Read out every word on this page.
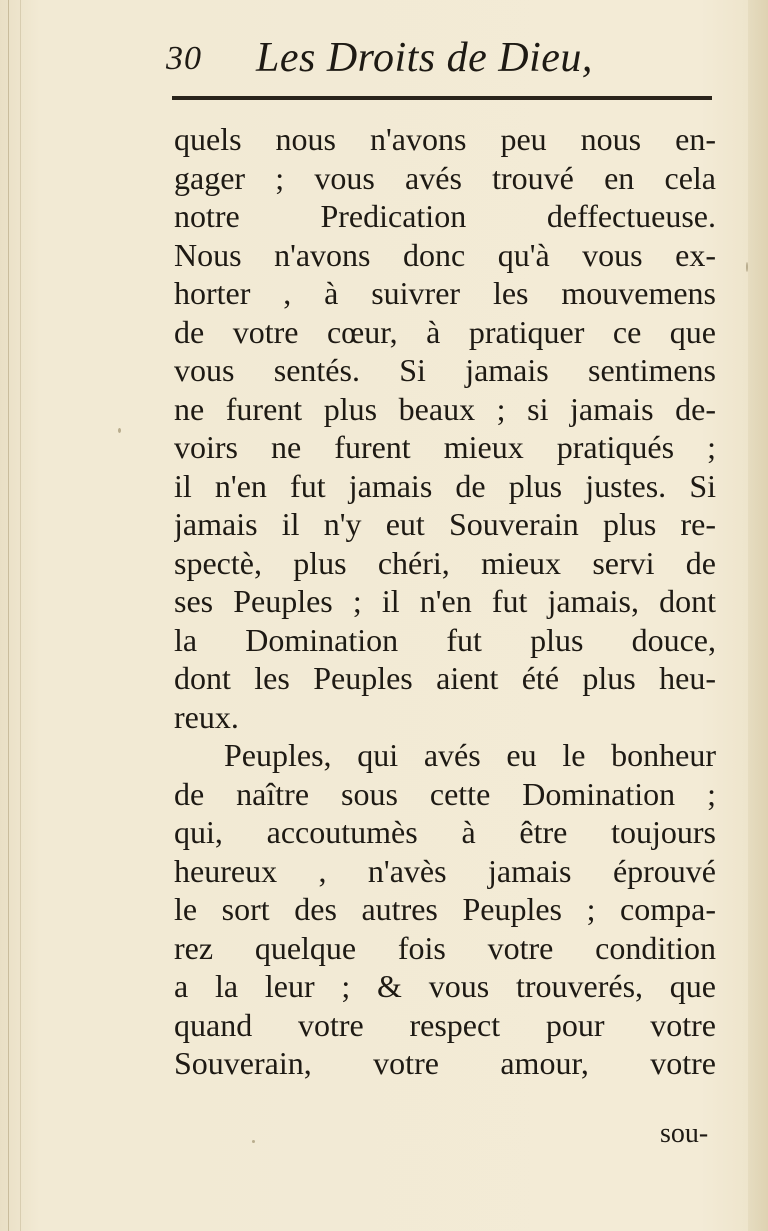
30 Les Droits de Dieu,
quels nous n'avons peu nous en-
gager ; vous avés trouvé en cela
notre Predication deffectueuse.
Nous n'avons donc qu'à vous ex-
horter , à suivrer les mouvemens
de votre cœur, à pratiquer ce que
vous sentés. Si jamais sentimens
ne furent plus beaux ; si jamais de-
voirs ne furent mieux pratiqués ;
il n'en fut jamais de plus justes. Si
jamais il n'y eut Souverain plus re-
spectè, plus chéri, mieux servi de
ses Peuples ; il n'en fut jamais, dont
la Domination fut plus douce,
dont les Peuples aient été plus heu-
reux.
Peuples, qui avés eu le bonheur
de naître sous cette Domination ;
qui, accoutumès à être toujours
heureux , n'avès jamais éprouvé
le sort des autres Peuples ; compa-
rez quelque fois votre condition
a la leur ; & vous trouverés, que
quand votre respect pour votre
Souverain, votre amour, votre
sou-
